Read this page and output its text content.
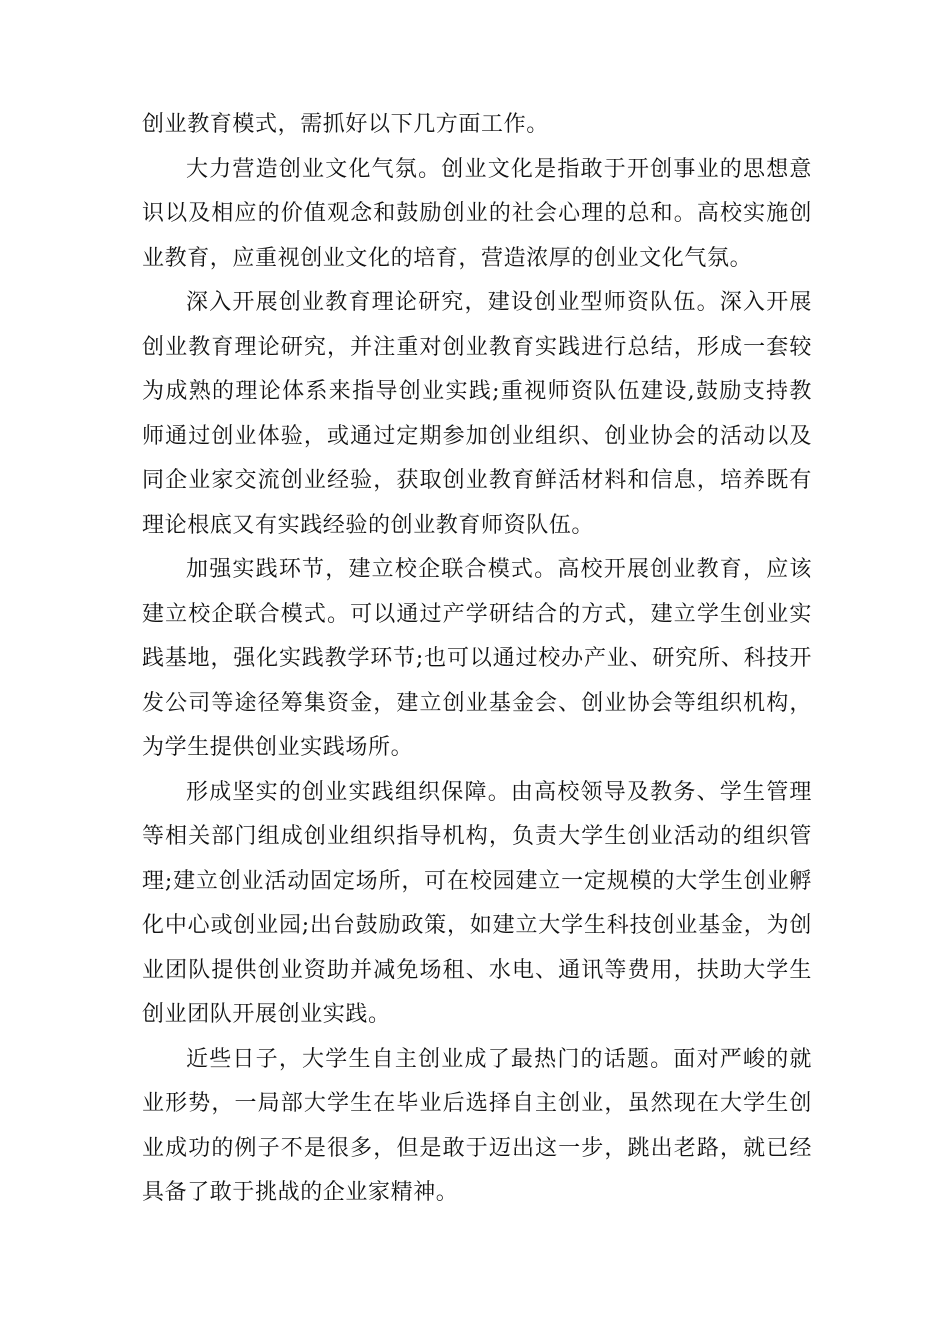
创业教育模式，需抓好以下几方面工作。

大力营造创业文化气氛。创业文化是指敢于开创事业的思想意识以及相应的价值观念和鼓励创业的社会心理的总和。高校实施创业教育，应重视创业文化的培育，营造浓厚的创业文化气氛。

深入开展创业教育理论研究，建设创业型师资队伍。深入开展创业教育理论研究，并注重对创业教育实践进行总结，形成一套较为成熟的理论体系来指导创业实践;重视师资队伍建设,鼓励支持教师通过创业体验，或通过定期参加创业组织、创业协会的活动以及同企业家交流创业经验，获取创业教育鲜活材料和信息，培养既有理论根底又有实践经验的创业教育师资队伍。

加强实践环节，建立校企联合模式。高校开展创业教育，应该建立校企联合模式。可以通过产学研结合的方式，建立学生创业实践基地，强化实践教学环节;也可以通过校办产业、研究所、科技开发公司等途径筹集资金，建立创业基金会、创业协会等组织机构，为学生提供创业实践场所。

形成坚实的创业实践组织保障。由高校领导及教务、学生管理等相关部门组成创业组织指导机构，负责大学生创业活动的组织管理;建立创业活动固定场所，可在校园建立一定规模的大学生创业孵化中心或创业园;出台鼓励政策，如建立大学生科技创业基金，为创业团队提供创业资助并减免场租、水电、通讯等费用，扶助大学生创业团队开展创业实践。

近些日子，大学生自主创业成了最热门的话题。面对严峻的就业形势，一局部大学生在毕业后选择自主创业，虽然现在大学生创业成功的例子不是很多，但是敢于迈出这一步，跳出老路，就已经具备了敢于挑战的企业家精神。
